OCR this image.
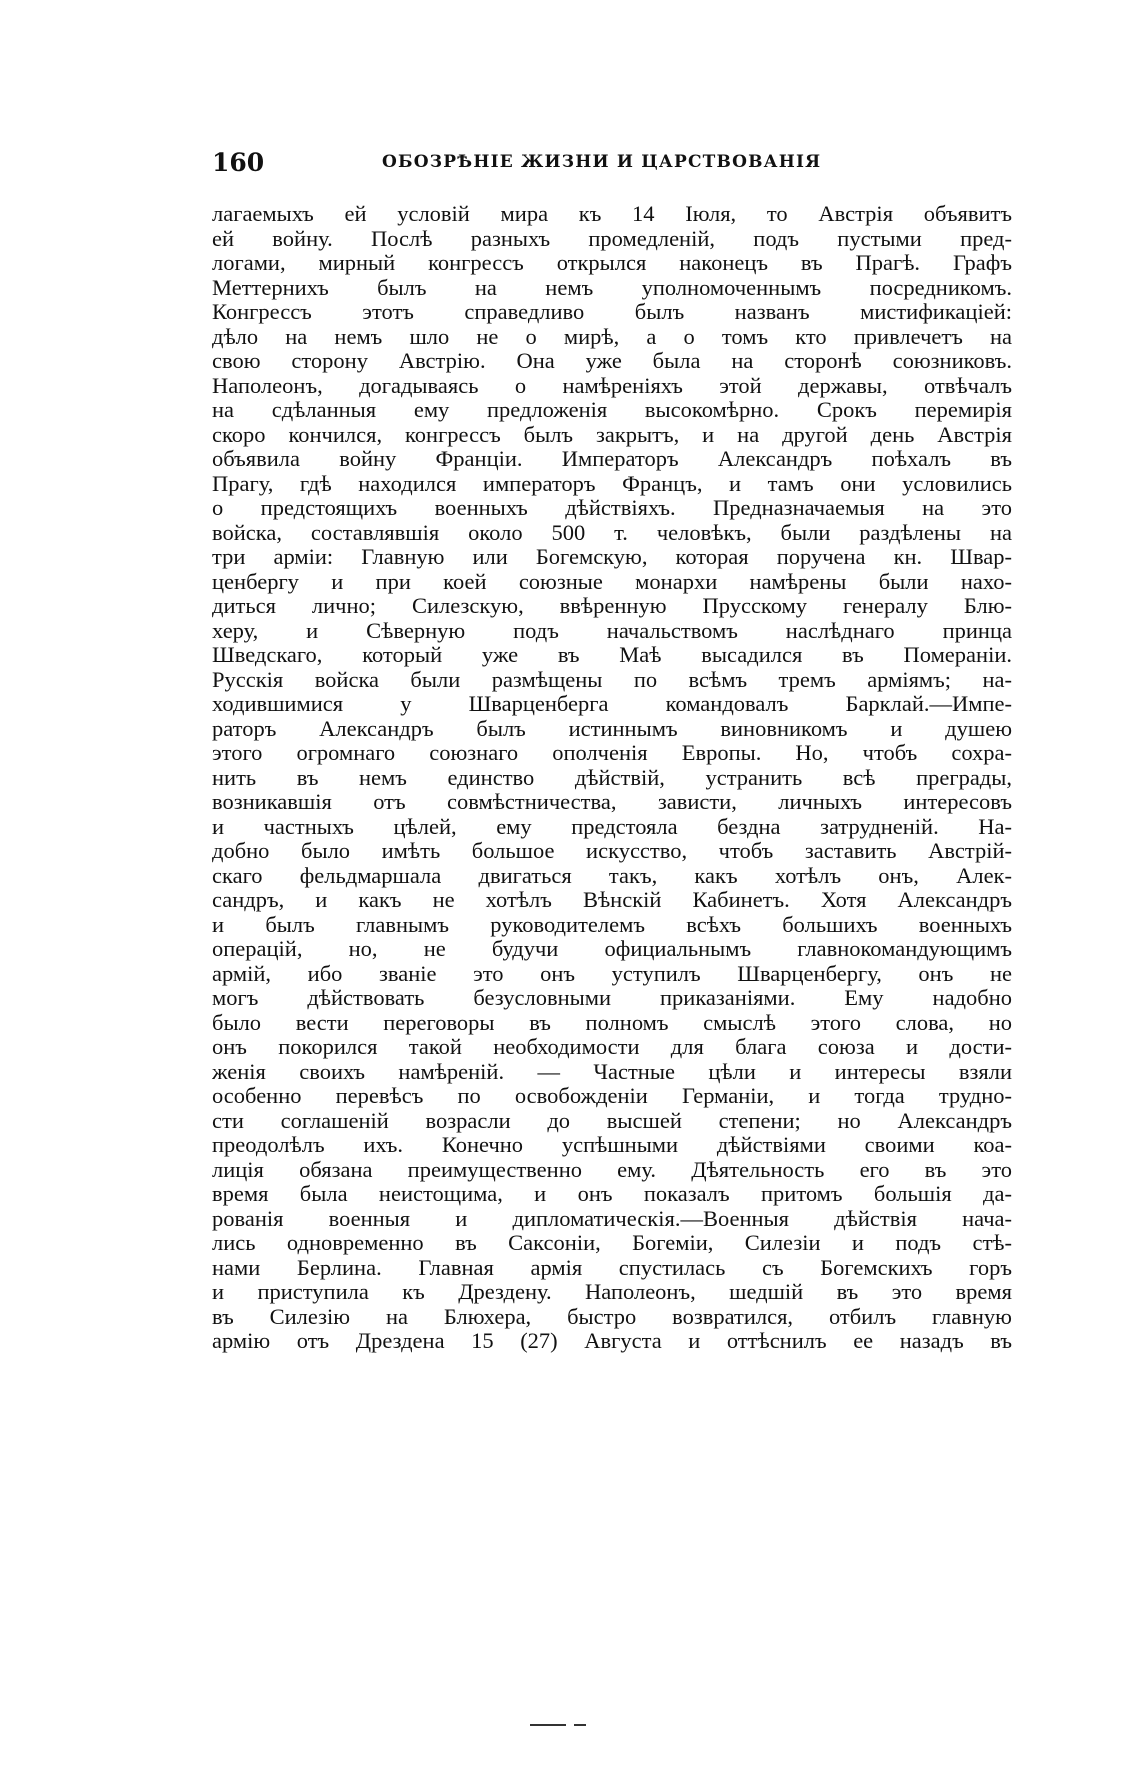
160	ОБОЗРѢНІЕ ЖИЗНИ И ЦАРСТВОВАНІЯ
лагаемыхъ ей условій мира къ 14 Іюля, то Австрія объявитъ
ей войну. Послѣ разныхъ промедленій, подъ пустыми пред-
логами, мирный конгрессъ открылся наконецъ въ Прагѣ. Графъ
Меттернихъ былъ на немъ уполномоченнымъ посредникомъ.
Конгрессъ этотъ справедливо былъ названъ мистификаціей:
дѣло на немъ шло не о мирѣ, а о томъ кто привлечетъ на
свою сторону Австрію. Она уже была на сторонѣ союзниковъ.
Наполеонъ, догадываясь о намѣреніяхъ этой державы, отвѣчалъ
на сдѣланныя ему предложенія высокомѣрно. Срокъ перемирія
скоро кончился, конгрессъ былъ закрытъ, и на другой день Австрія
объявила войну Франціи. Императоръ Александръ поѣхалъ въ
Прагу, гдѣ находился императоръ Францъ, и тамъ они условились
о предстоящихъ военныхъ дѣйствіяхъ. Предназначаемыя на это
войска, составлявшія около 500 т. человѣкъ, были раздѣлены на
три арміи: Главную или Богемскую, которая поручена кн. Швар-
ценбергу и при коей союзные монархи намѣрены были нахо-
диться лично; Силезскую, ввѣренную Прусскому генералу Блю-
херу, и Сѣверную подъ начальствомъ наслѣднаго принца
Шведскаго, который уже въ Маѣ высадился въ Помераніи.
Русскія войска были размѣщены по всѣмъ тремъ арміямъ; на-
ходившимися у Шварценберга командовалъ Барклай.—Импе-
раторъ Александръ былъ истиннымъ виновникомъ и душею
этого огромнаго союзнаго ополченія Европы. Но, чтобъ сохра-
нить въ немъ единство дѣйствій, устранить всѣ преграды,
возникавшія отъ совмѣстничества, зависти, личныхъ интересовъ
и частныхъ цѣлей, ему предстояла бездна затрудненій. На-
добно было имѣть большое искусство, чтобъ заставить Австрій-
скаго фельдмаршала двигаться такъ, какъ хотѣлъ онъ, Алек-
сандръ, и какъ не хотѣлъ Вѣнскій Кабинетъ. Хотя Александръ
и былъ главнымъ руководителемъ всѣхъ большихъ военныхъ
операцій, но, не будучи официальнымъ главнокомандующимъ
армій, ибо званіе это онъ уступилъ Шварценбергу, онъ не
могъ дѣйствовать безусловными приказаніями. Ему надобно
было вести переговоры въ полномъ смыслѣ этого слова, но
онъ покорился такой необходимости для блага союза и дости-
женія своихъ намѣреній. — Частные цѣли и интересы взяли
особенно перевѣсъ по освобожденіи Германіи, и тогда трудно-
сти соглашеній возрасли до высшей степени; но Александръ
преодолѣлъ ихъ. Конечно успѣшными дѣйствіями своими коа-
лиція обязана преимущественно ему. Дѣятельность его въ это
время была неистощима, и онъ показалъ притомъ большія да-
рованія военныя и дипломатическія.—Военныя дѣйствія нача-
лись одновременно въ Саксоніи, Богеміи, Силезіи и подъ стѣ-
нами Берлина. Главная армія спустилась съ Богемскихъ горъ
и приступила къ Дрездену. Наполеонъ, шедшій въ это время
въ Силезію на Блюхера, быстро возвратился, отбилъ главную
армію отъ Дрездена 15 (27) Августа и оттѣснилъ ее назадъ въ
